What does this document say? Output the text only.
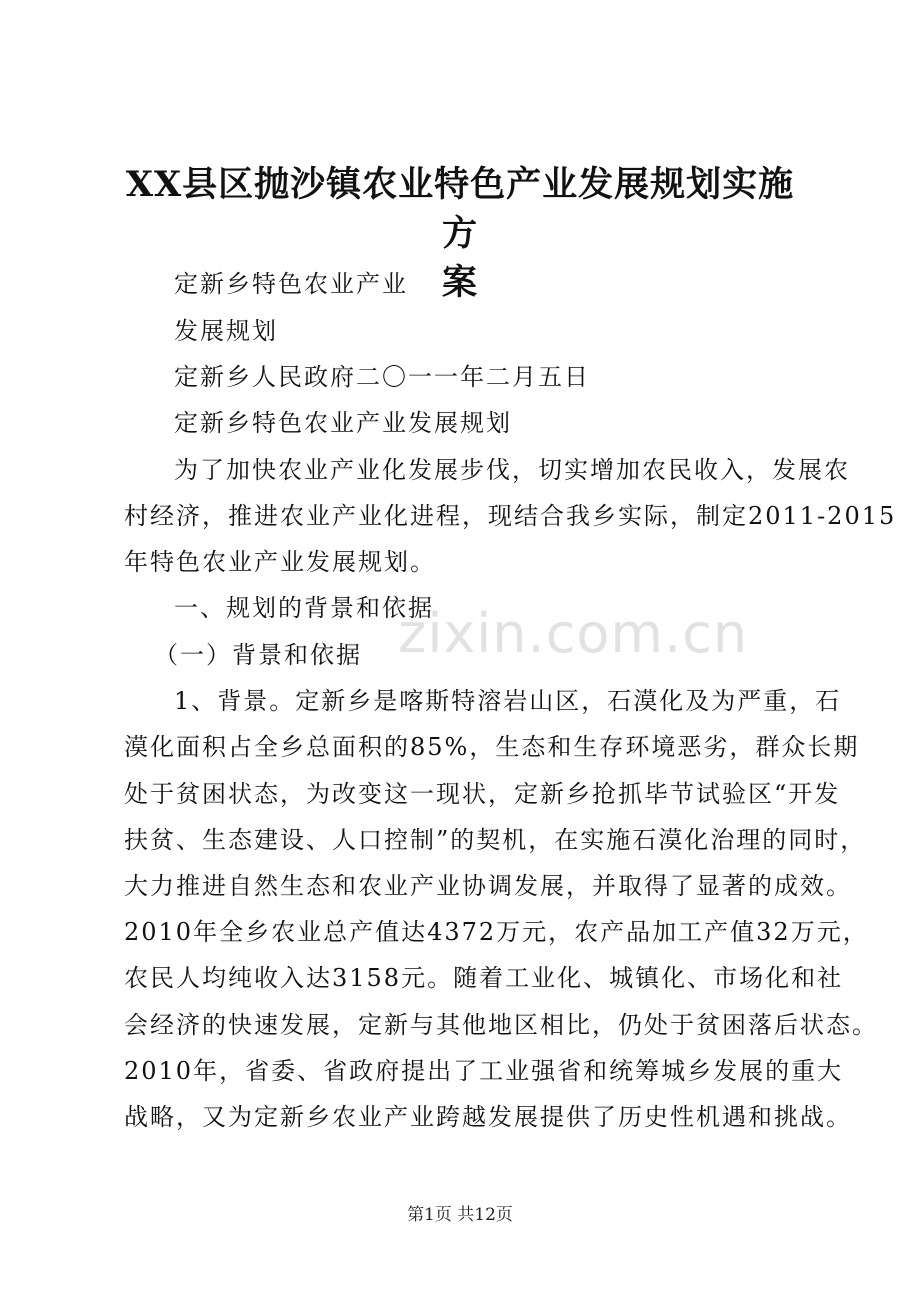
XX县区抛沙镇农业特色产业发展规划实施方
案
定新乡特色农业产业
发展规划
定新乡人民政府二〇一一年二月五日
定新乡特色农业产业发展规划
为了加快农业产业化发展步伐，切实增加农民收入，发展农
村经济，推进农业产业化进程，现结合我乡实际，制定2011-2015
年特色农业产业发展规划。
一、规划的背景和依据
（一）背景和依据
1、背景。定新乡是喀斯特溶岩山区，石漠化及为严重，石
漠化面积占全乡总面积的85%，生态和生存环境恶劣，群众长期
处于贫困状态，为改变这一现状，定新乡抢抓毕节试验区“开发
扶贫、生态建设、人口控制”的契机，在实施石漠化治理的同时，
大力推进自然生态和农业产业协调发展，并取得了显著的成效。
2010年全乡农业总产值达4372万元，农产品加工产值32万元，
农民人均纯收入达3158元。随着工业化、城镇化、市场化和社
会经济的快速发展，定新与其他地区相比，仍处于贫困落后状态。
2010年，省委、省政府提出了工业强省和统筹城乡发展的重大
战略，又为定新乡农业产业跨越发展提供了历史性机遇和挑战。
zixin.com.cn
第1页 共12页
